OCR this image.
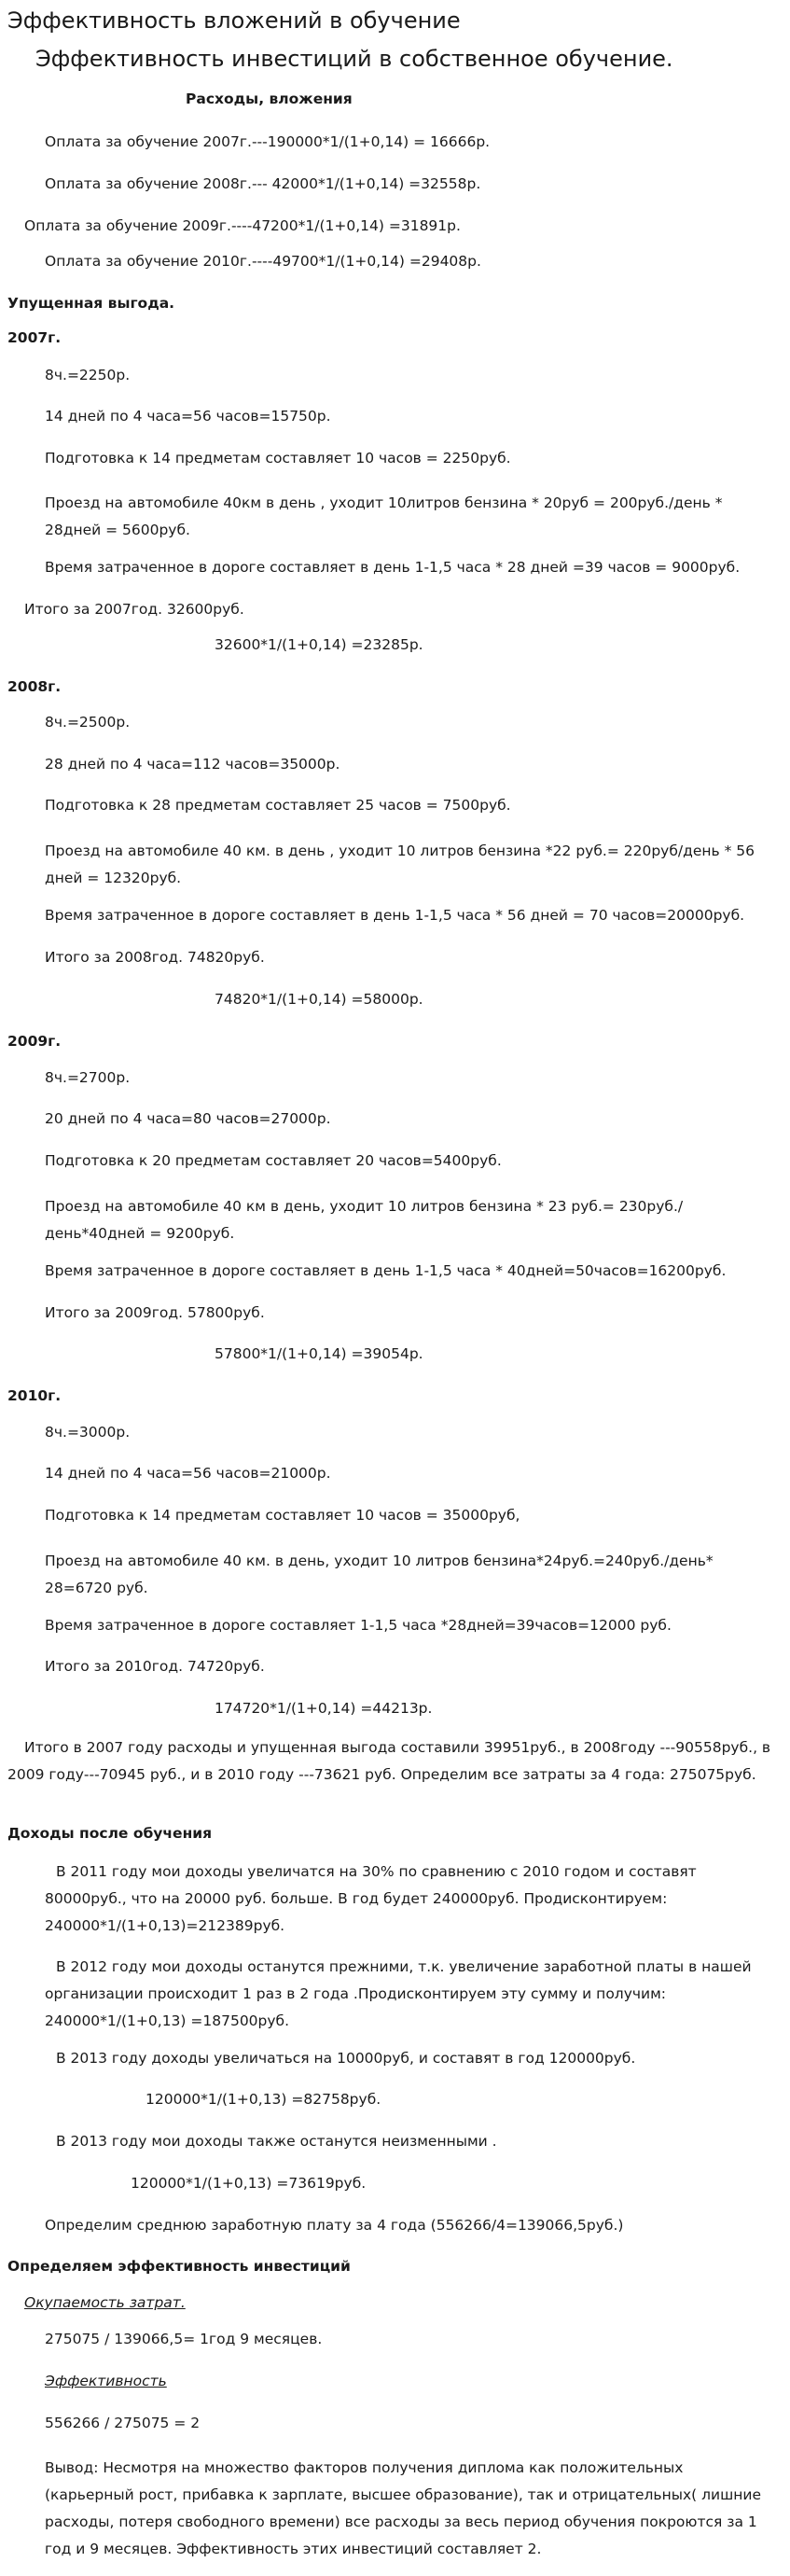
Эффективность вложений в обучение
Эффективность инвестиций в собственное обучение.
Расходы, вложения
Оплата за обучение 2007г.---190000*1/(1+0,14) = 16666р.
Оплата за обучение 2008г.--- 42000*1/(1+0,14) =32558р.
Оплата за обучение 2009г.----47200*1/(1+0,14) =31891р.
Оплата за обучение 2010г.----49700*1/(1+0,14) =29408р.
Упущенная выгода.
2007г.
8ч.=2250р.
14 дней по 4 часа=56 часов=15750р.
Подготовка к 14 предметам составляет 10 часов = 2250руб.
Проезд на автомобиле 40км в день , уходит 10литров бензина * 20руб = 200руб./день * 28дней = 5600руб.
Время затраченное в дороге составляет в день 1-1,5 часа * 28 дней =39 часов = 9000руб.
Итого за 2007год. 32600руб.
32600*1/(1+0,14) =23285р.
2008г.
8ч.=2500р.
28 дней по 4 часа=112 часов=35000р.
Подготовка к 28 предметам составляет 25 часов = 7500руб.
Проезд на автомобиле 40 км. в день , уходит 10 литров бензина *22 руб.= 220руб/день * 56 дней = 12320руб.
Время затраченное в дороге составляет в день 1-1,5 часа * 56 дней = 70 часов=20000руб.
Итого за 2008год. 74820руб.
74820*1/(1+0,14) =58000р.
2009г.
8ч.=2700р.
20 дней по 4 часа=80 часов=27000р.
Подготовка к 20 предметам составляет 20 часов=5400руб.
Проезд на автомобиле 40 км в день, уходит 10 литров бензина * 23 руб.= 230руб./день*40дней = 9200руб.
Время затраченное в дороге составляет в день 1-1,5 часа * 40дней=50часов=16200руб.
Итого за 2009год. 57800руб.
57800*1/(1+0,14) =39054р.
2010г.
8ч.=3000р.
14 дней по 4 часа=56 часов=21000р.
Подготовка к 14 предметам составляет 10 часов = 35000руб,
Проезд на автомобиле 40 км. в день, уходит 10 литров бензина*24руб.=240руб./день* 28=6720 руб.
Время затраченное в дороге составляет 1-1,5 часа *28дней=39часов=12000 руб.
Итого за 2010год. 74720руб.
174720*1/(1+0,14) =44213р.
Итого в 2007 году расходы и упущенная выгода составили 39951руб., в 2008году ---90558руб., в 2009 году---70945 руб., и в 2010 году ---73621 руб. Определим все затраты за 4 года: 275075руб.
Доходы после обучения
В 2011 году мои доходы увеличатся на 30% по сравнению с 2010 годом и составят 80000руб., что на 20000 руб. больше. В год будет 240000руб. Продисконтируем: 240000*1/(1+0,13)=212389руб.
В 2012 году мои доходы останутся прежними, т.к. увеличение заработной платы в нашей организации происходит 1 раз в 2 года .Продисконтируем эту сумму и получим: 240000*1/(1+0,13) =187500руб.
В 2013 году доходы увеличаться на 10000руб, и составят в год 120000руб.
120000*1/(1+0,13) =82758руб.
В 2013 году мои доходы также останутся неизменными .
120000*1/(1+0,13) =73619руб.
Определим среднюю заработную плату за 4 года (556266/4=139066,5руб.)
Определяем эффективность инвестиций
Окупаемость затрат.
275075 / 139066,5= 1год 9 месяцев.
Эффективность
556266 / 275075 = 2
Вывод: Несмотря на множество факторов получения диплома как положительных (карьерный рост, прибавка к зарплате, высшее образование), так и отрицательных( лишние расходы, потеря свободного времени) все расходы за весь период обучения покроются за 1 год и 9 месяцев. Эффективность этих инвестиций составляет 2.
